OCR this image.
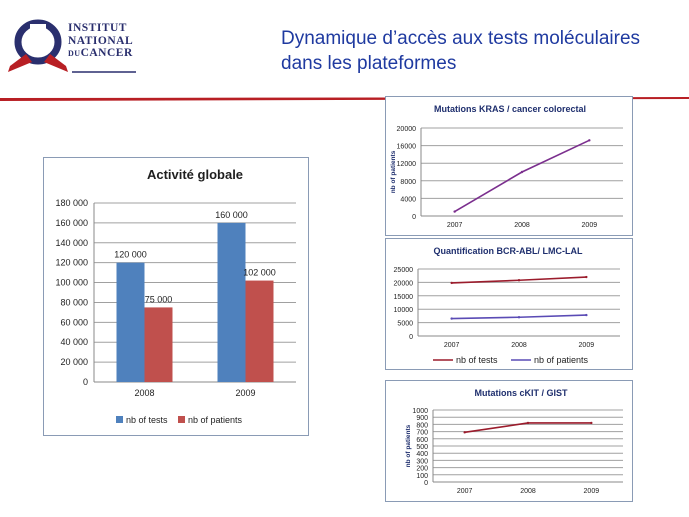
INSTITUT
NATIONAL
DUCANCER
Dynamique d’accès aux tests moléculaires
dans les plateformes
Activité globale
0
20 000
40 000
60 000
80 000
100 000
120 000
140 000
160 000
180 000
2008
120 000
75 000
2009
160 000
102 000
nb of tests nb of patients
Mutations KRAS / cancer colorectal
0
4000
8000
12000
16000
20000
nb of patients
2007	2008	2009
Quantification BCR-ABL/ LMC-LAL
0
5000
10000
15000
20000
25000
2007	2008	2009
nb of tests	nb of patients
Mutations cKIT / GIST
0
100
200
300
400
500
600
700
800
900
1000
nb of patients
2007	2008	2009
